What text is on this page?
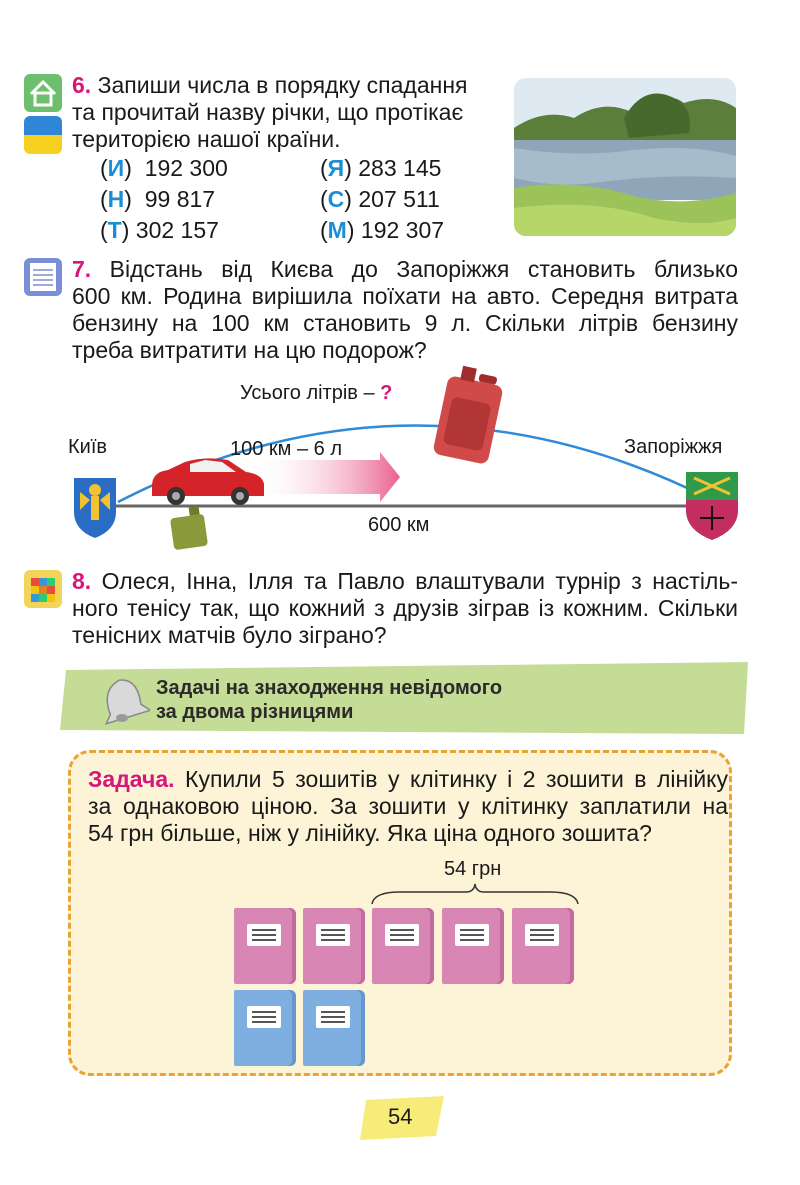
6. Запиши числа в порядку спадання
та прочитай назву річки, що протікає
територією нашої країни.
(И)  192 300	(Я) 283 145
(Н)  99 817	(С) 207 511
(Т) 302 157	(М) 192 307
7. Відстань від Києва до Запоріжжя становить близько
600 км. Родина вирішила поїхати на авто. Середня витрата
бензину на 100 км становить 9 л. Скільки літрів бензину
треба витратити на цю подорож?
Усього літрів – ?
Київ	Запоріжжя
100 км – 6 л
600 км
8. Олеся, Інна, Ілля та Павло влаштували турнір з настіль-
ного тенісу так, що кожний з друзів зіграв із кожним. Скільки
тенісних матчів було зіграно?
Задачі на знаходження невідомого
за двома різницями
Задача. Купили 5 зошитів у клітинку і 2 зошити в лінійку
за однаковою ціною. За зошити у клітинку заплатили на
54 грн більше, ніж у лінійку. Яка ціна одного зошита?
54 грн
54
